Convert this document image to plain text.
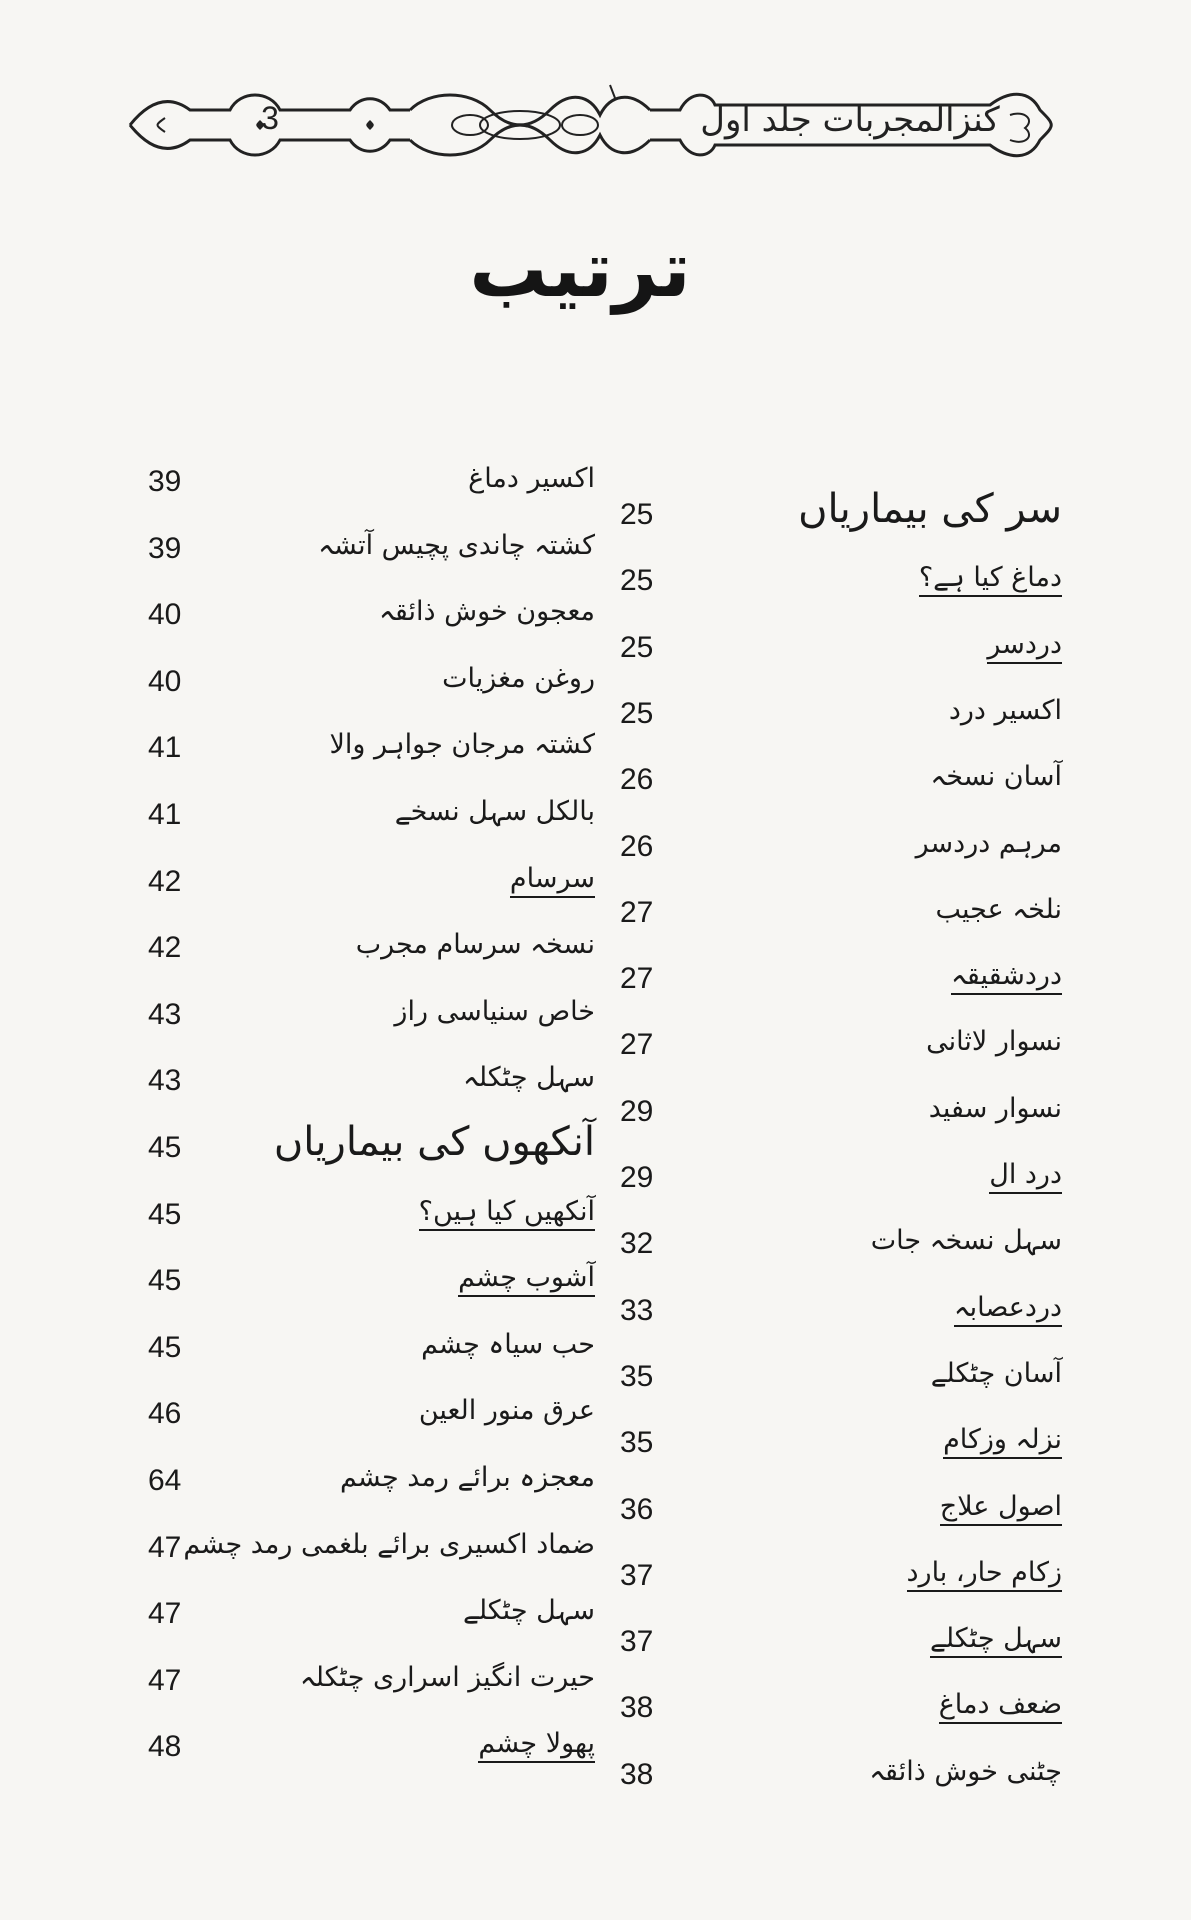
3	کنزالمجربات جلد اول
ترتیب
25	سر کی بیماریاں
25	دماغ کیا ہے؟
25	دردسر
25	اکسیر درد
26	آسان نسخہ
26	مرہم دردسر
27	نلخہ عجیب
27	دردشقیقہ
27	نسوار لاثانی
29	نسوار سفید
29	درد ال
32	سہل نسخہ جات
33	دردعصابہ
35	آسان چٹکلے
35	نزلہ وزکام
36	اصول علاج
37	زکام حار، بارد
37	سہل چٹکلے
38	ضعف دماغ
38	چٹنی خوش ذائقہ
39	اکسیر دماغ
39	کشتہ چاندی پچیس آتشہ
40	معجون خوش ذائقہ
40	روغن مغزیات
41	کشتہ مرجان جواہر والا
41	بالکل سہل نسخے
42	سرسام
42	نسخہ سرسام مجرب
43	خاص سنیاسی راز
43	سہل چٹکلہ
45 آنکھوں کی بیماریاں
45	آنکھیں کیا ہیں؟
45	آشوب چشم
45	حب سیاہ چشم
46	عرق منور العین
64	معجزہ برائے رمد چشم
47 ضماد اکسیری برائے بلغمی رمد چشم
47	سہل چٹکلے
47	حیرت انگیز اسراری چٹکلہ
48	پھولا چشم
